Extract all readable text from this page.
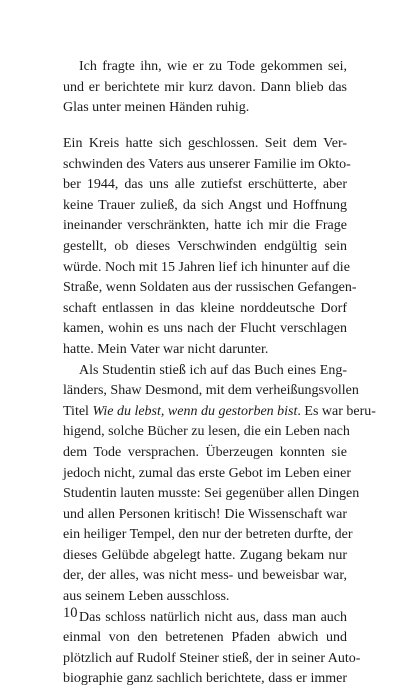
Ich fragte ihn, wie er zu Tode gekommen sei,
und er berichtete mir kurz davon. Dann blieb das
Glas unter meinen Händen ruhig.
Ein Kreis hatte sich geschlossen. Seit dem Ver-
schwinden des Vaters aus unserer Familie im Okto-
ber 1944, das uns alle zutiefst erschütterte, aber
keine Trauer zuließ, da sich Angst und Hoffnung
ineinander verschränkten, hatte ich mir die Frage
gestellt, ob dieses Verschwinden endgültig sein
würde. Noch mit 15 Jahren lief ich hinunter auf die
Straße, wenn Soldaten aus der russischen Gefangen-
schaft entlassen in das kleine norddeutsche Dorf
kamen, wohin es uns nach der Flucht verschlagen
hatte. Mein Vater war nicht darunter.
Als Studentin stieß ich auf das Buch eines Eng-
länders, Shaw Desmond, mit dem verheißungsvollen
Titel Wie du lebst, wenn du gestorben bist. Es war beru-
higend, solche Bücher zu lesen, die ein Leben nach
dem Tode versprachen. Überzeugen konnten sie
jedoch nicht, zumal das erste Gebot im Leben einer
Studentin lauten musste: Sei gegenüber allen Dingen
und allen Personen kritisch! Die Wissenschaft war
ein heiliger Tempel, den nur der betreten durfte, der
dieses Gelübde abgelegt hatte. Zugang bekam nur
der, der alles, was nicht mess- und beweisbar war,
aus seinem Leben ausschloss.
Das schloss natürlich nicht aus, dass man auch
einmal von den betretenen Pfaden abwich und
plötzlich auf Rudolf Steiner stieß, der in seiner Auto-
biographie ganz sachlich berichtete, dass er immer
10
